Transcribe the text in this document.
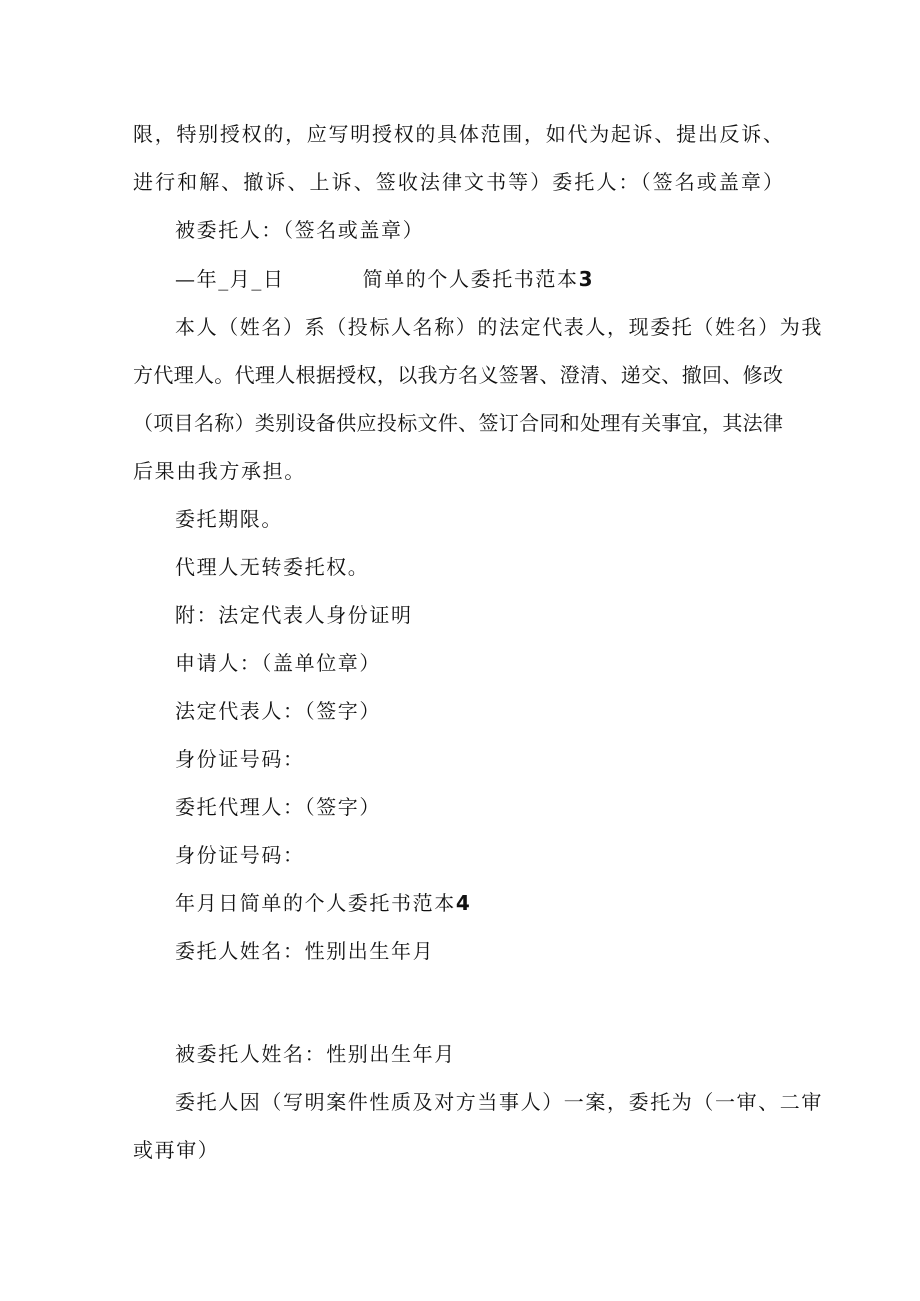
限，特别授权的，应写明授权的具体范围，如代为起诉、提出反诉、
进行和解、撤诉、上诉、签收法律文书等）委托人：（签名或盖章）
被委托人：（签名或盖章）
—年_月_日	简单的个人委托书范本3
本人（姓名）系（投标人名称）的法定代表人，现委托（姓名）为我
方代理人。代理人根据授权，以我方名义签署、澄清、递交、撤回、修改
（项目名称）类别设备供应投标文件、签订合同和处理有关事宜，其法律
后果由我方承担。
委托期限。
代理人无转委托权。
附：法定代表人身份证明
申请人：（盖单位章）
法定代表人：（签字）
身份证号码：
委托代理人：（签字）
身份证号码：
年月日简单的个人委托书范本4
委托人姓名：性别出生年月
被委托人姓名：性别出生年月
委托人因（写明案件性质及对方当事人）一案，委托为（一审、二审
或再审）
